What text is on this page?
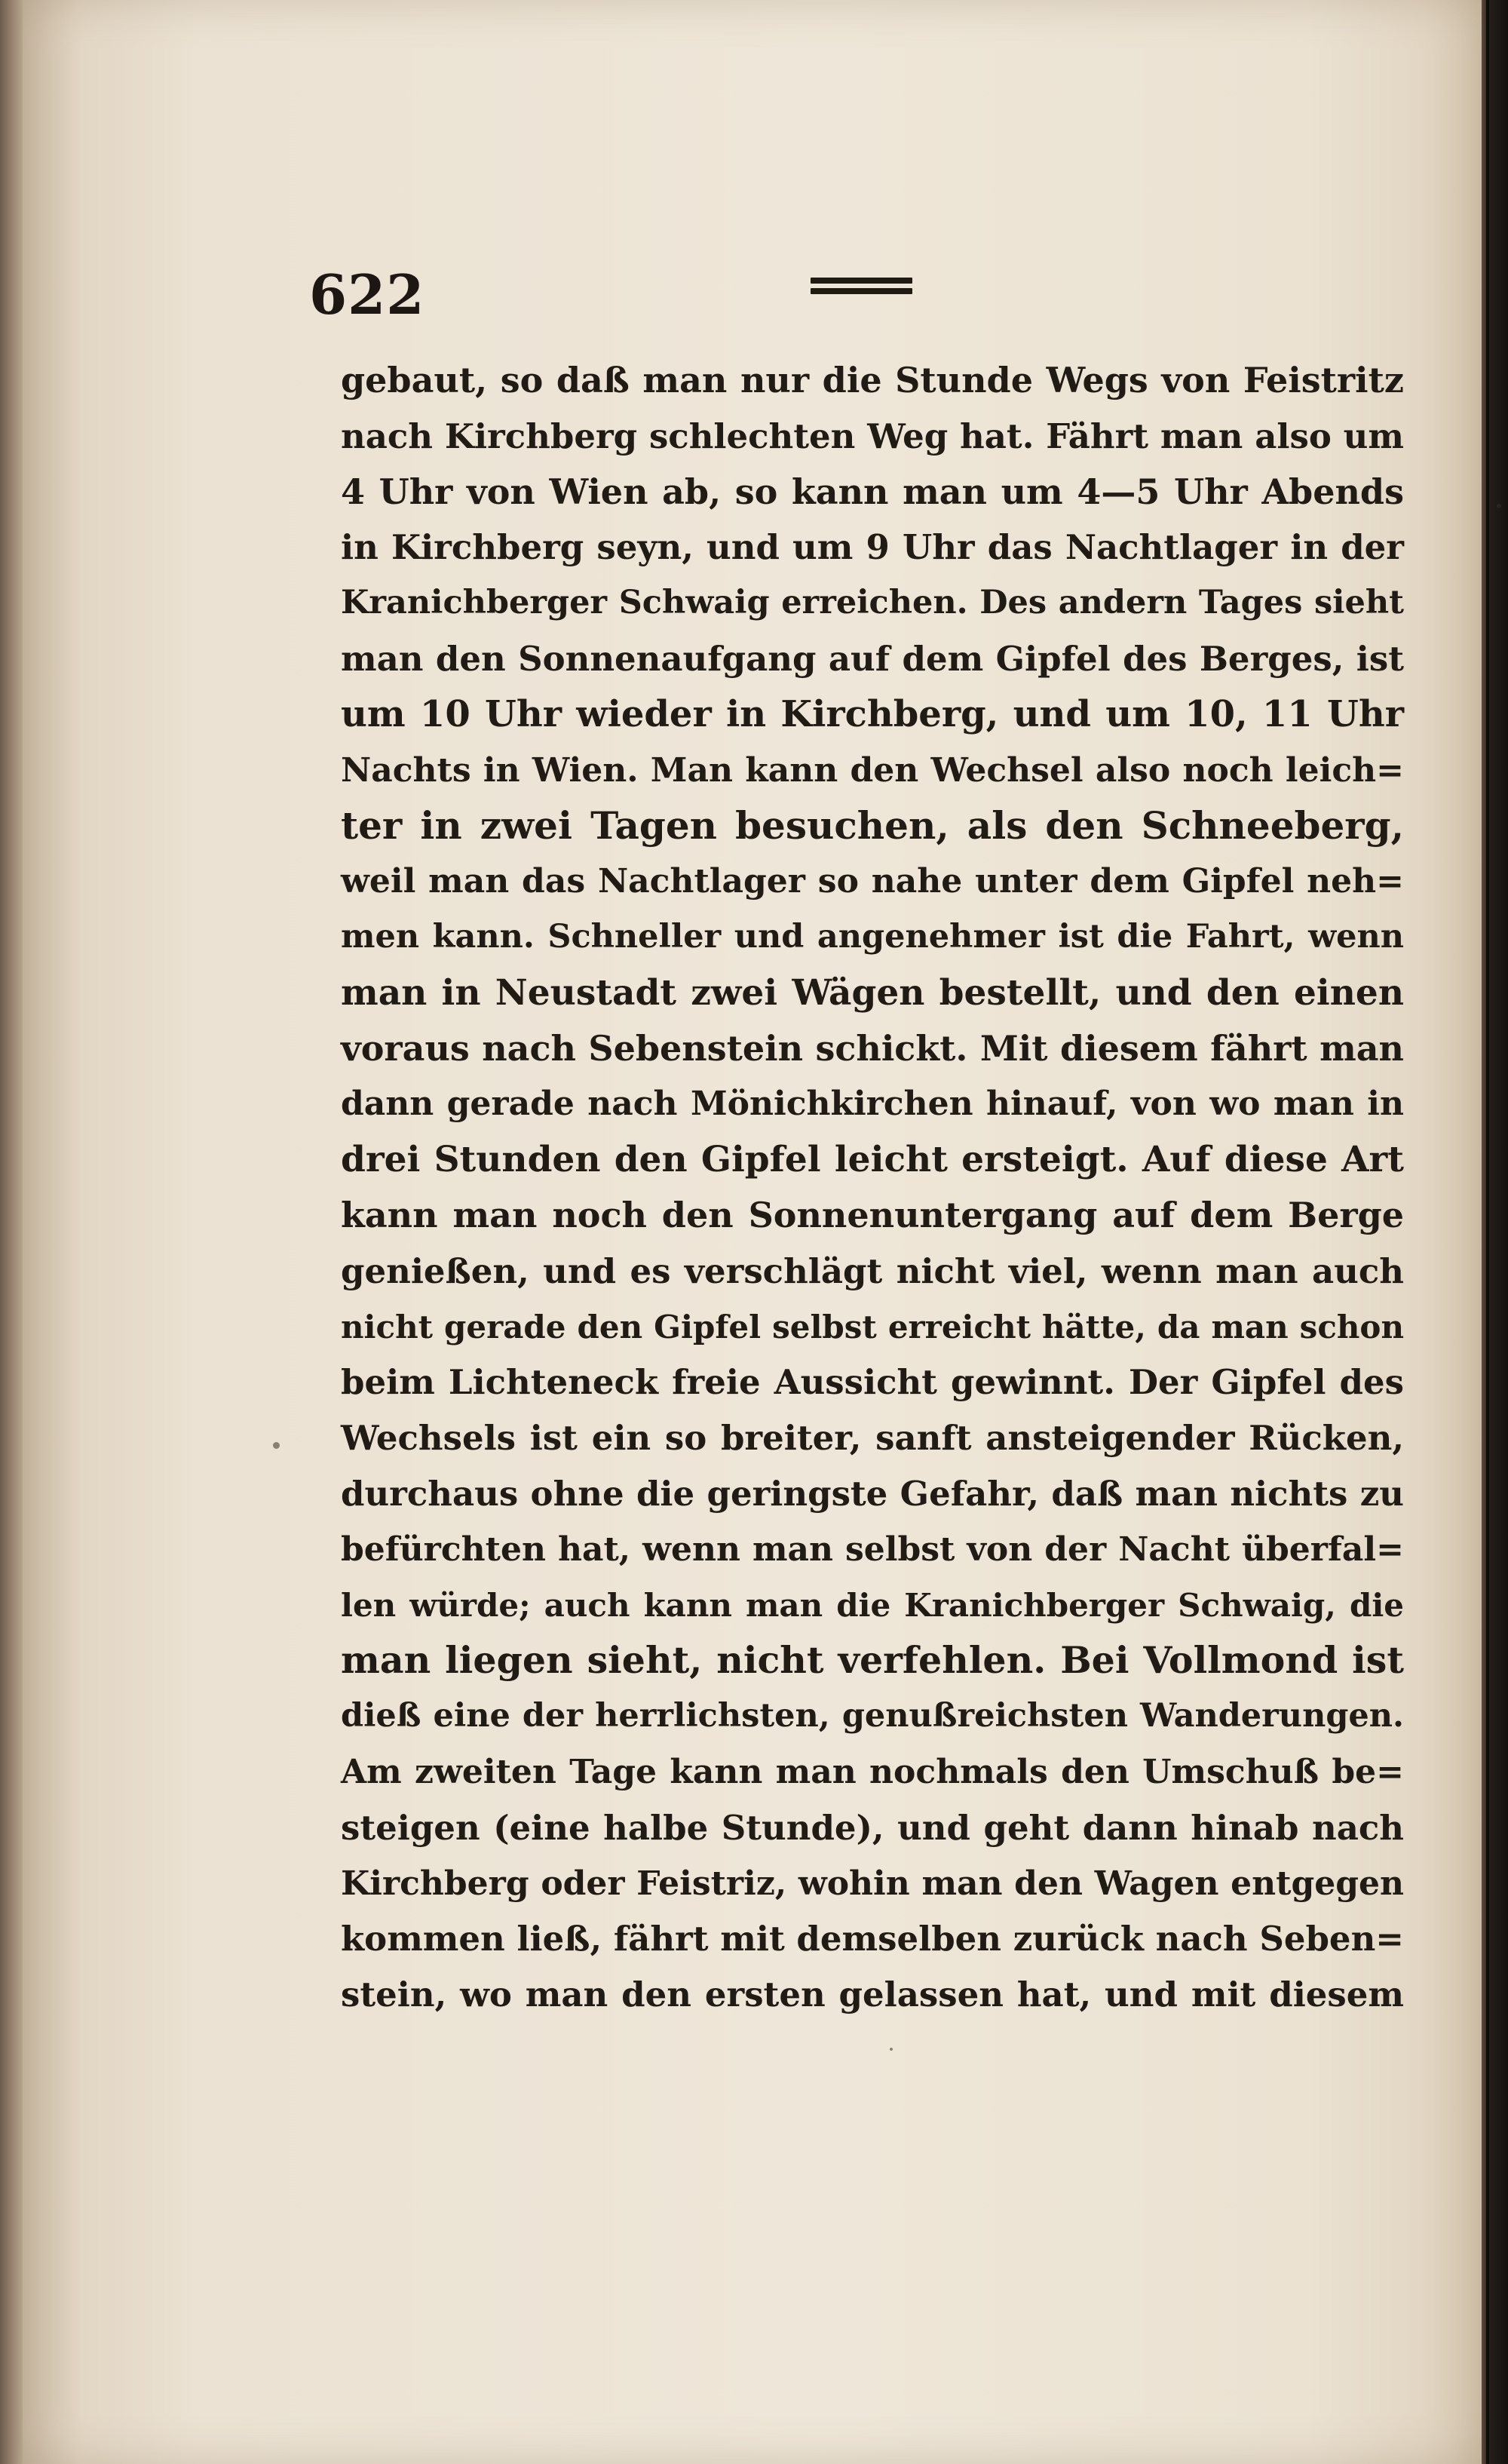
622
gebaut, so daß man nur die Stunde Wegs von Feistritz
nach Kirchberg schlechten Weg hat. Fährt man also um
4 Uhr von Wien ab, so kann man um 4—5 Uhr Abends
in Kirchberg seyn, und um 9 Uhr das Nachtlager in der
Kranichberger Schwaig erreichen. Des andern Tages sieht
man den Sonnenaufgang auf dem Gipfel des Berges, ist
um 10 Uhr wieder in Kirchberg, und um 10, 11 Uhr
Nachts in Wien. Man kann den Wechsel also noch leich=
ter in zwei Tagen besuchen, als den Schneeberg,
weil man das Nachtlager so nahe unter dem Gipfel neh=
men kann. Schneller und angenehmer ist die Fahrt, wenn
man in Neustadt zwei Wägen bestellt, und den einen
voraus nach Sebenstein schickt. Mit diesem fährt man
dann gerade nach Mönichkirchen hinauf, von wo man in
drei Stunden den Gipfel leicht ersteigt. Auf diese Art
kann man noch den Sonnenuntergang auf dem Berge
genießen, und es verschlägt nicht viel, wenn man auch
nicht gerade den Gipfel selbst erreicht hätte, da man schon
beim Lichteneck freie Aussicht gewinnt. Der Gipfel des
Wechsels ist ein so breiter, sanft ansteigender Rücken,
durchaus ohne die geringste Gefahr, daß man nichts zu
befürchten hat, wenn man selbst von der Nacht überfal=
len würde; auch kann man die Kranichberger Schwaig, die
man liegen sieht, nicht verfehlen. Bei Vollmond ist
dieß eine der herrlichsten, genußreichsten Wanderungen.
Am zweiten Tage kann man nochmals den Umschuß be=
steigen (eine halbe Stunde), und geht dann hinab nach
Kirchberg oder Feistriz, wohin man den Wagen entgegen
kommen ließ, fährt mit demselben zurück nach Seben=
stein, wo man den ersten gelassen hat, und mit diesem
